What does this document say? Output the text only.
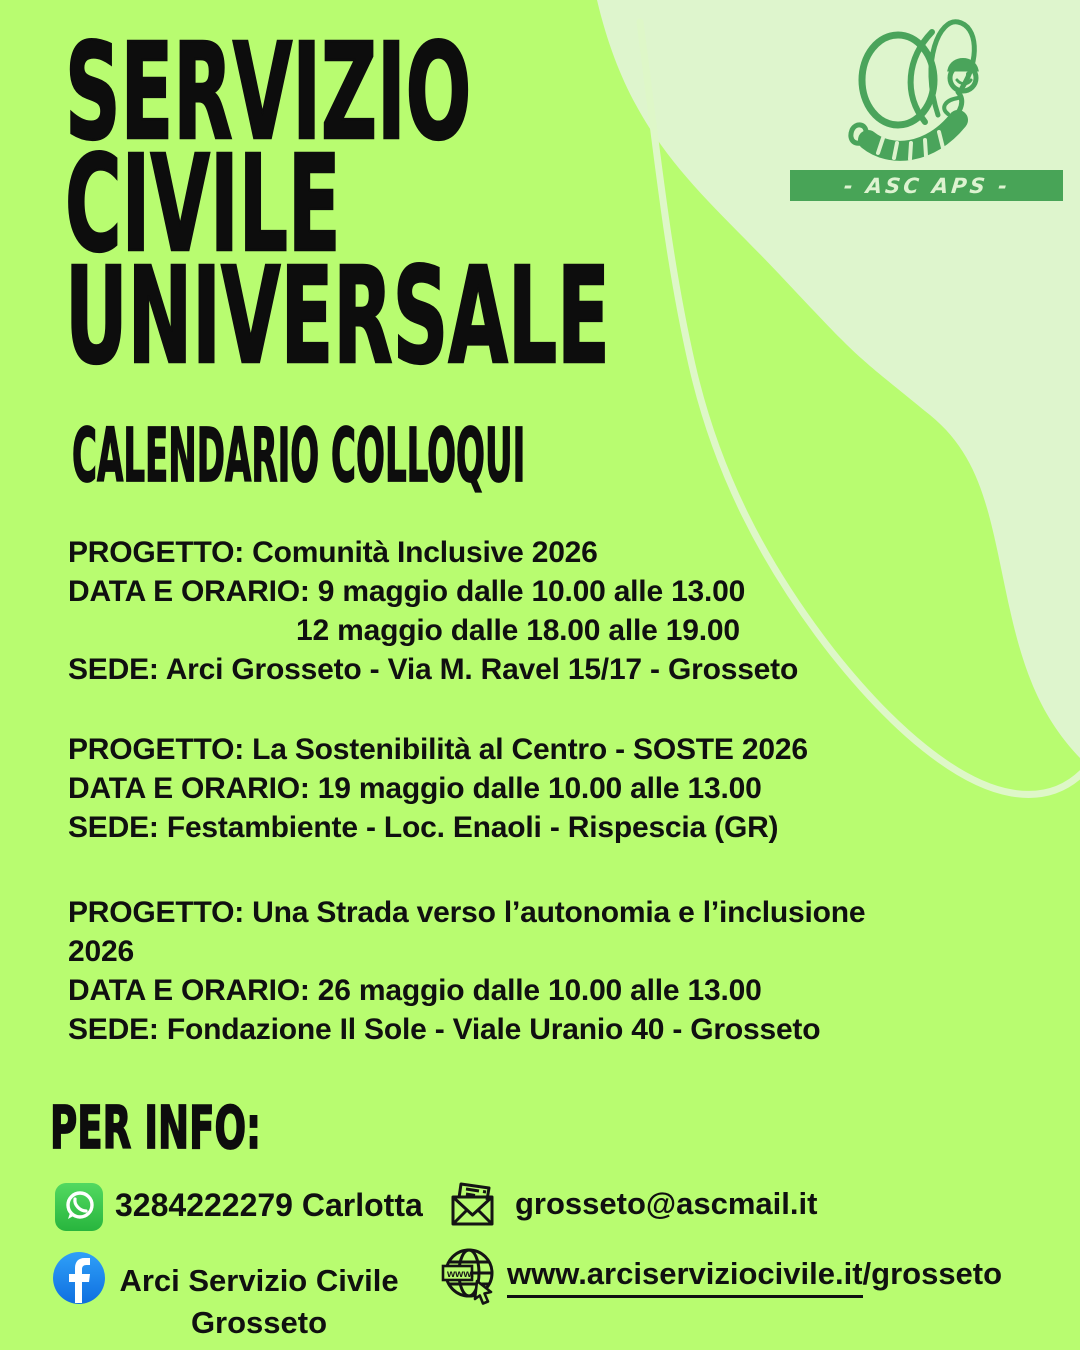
- ASC APS -
SERVIZIO
CIVILE
UNIVERSALE
CALENDARIO COLLOQUI

PROGETTO: Comunità Inclusive 2026

DATA E ORARIO: 9 maggio dalle 10.00 alle 13.00

12 maggio dalle 18.00 alle 19.00

SEDE: Arci Grosseto - Via M. Ravel 15/17 - Grosseto

PROGETTO: La Sostenibilità al Centro - SOSTE 2026

DATA E ORARIO: 19 maggio dalle 10.00 alle 13.00

SEDE: Festambiente - Loc. Enaoli - Rispescia (GR)

PROGETTO: Una Strada verso l’autonomia e l’inclusione

2026

DATA E ORARIO: 26 maggio dalle 10.00 alle 13.00

SEDE: Fondazione Il Sole - Viale Uranio 40 - Grosseto

PER INFO:
3284222279 Carlotta
Arci Servizio Civile
Grosseto
grosseto@ascmail.it
www. www.arciserviziocivile.it/grosseto
